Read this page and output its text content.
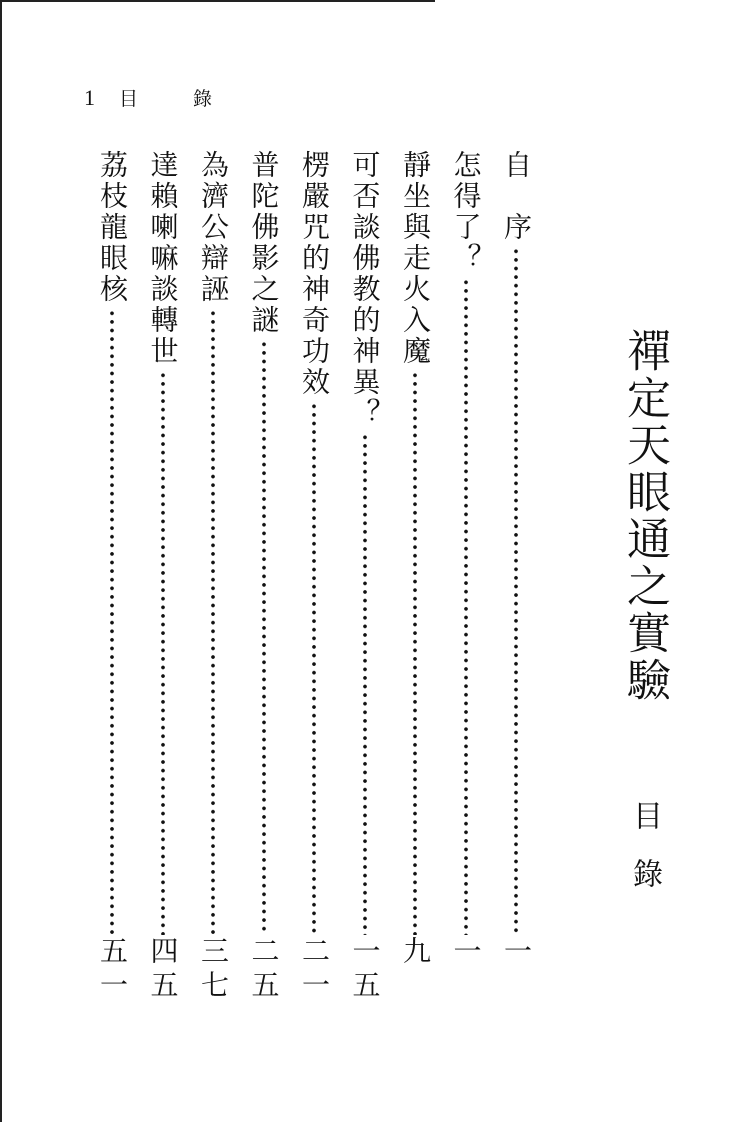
1 目　錄
禪定天眼通之實驗
目錄
自　序
一
怎得了？
一
靜坐與走火入魔
九
可否談佛教的神異？
一五
楞嚴咒的神奇功效
二一
普陀佛影之謎
二五
為濟公辯誣
三七
達賴喇嘛談轉世
四五
荔枝龍眼核
五一
